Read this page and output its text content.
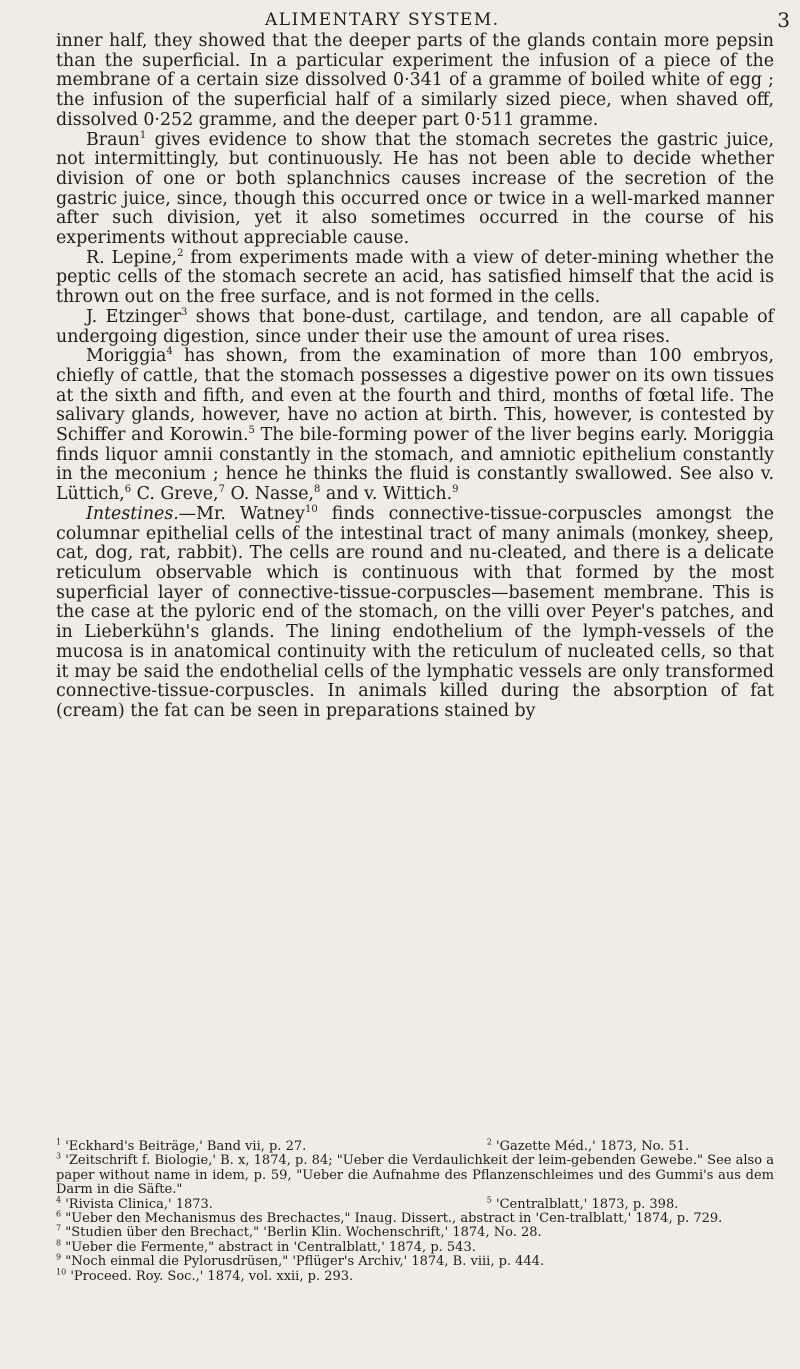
ALIMENTARY SYSTEM.	3

inner half, they showed that the deeper parts of the glands contain more pepsin than the superficial. In a particular experiment the infusion of a piece of the membrane of a certain size dissolved 0·341 of a gramme of boiled white of egg ; the infusion of the superficial half of a similarly sized piece, when shaved off, dissolved 0·252 gramme, and the deeper part 0·511 gramme.

Braun$^1$ gives evidence to show that the stomach secretes the gastric juice, not intermittingly, but continuously. He has not been able to decide whether division of one or both splanchnics causes increase of the secretion of the gastric juice, since, though this occurred once or twice in a well-marked manner after such division, yet it also sometimes occurred in the course of his experiments without appreciable cause.

R. Lepine,$^2$ from experiments made with a view of deter-mining whether the peptic cells of the stomach secrete an acid, has satisfied himself that the acid is thrown out on the free surface, and is not formed in the cells.

J. Etzinger$^3$ shows that bone-dust, cartilage, and tendon, are all capable of undergoing digestion, since under their use the amount of urea rises.

Moriggia$^4$ has shown, from the examination of more than 100 embryos, chiefly of cattle, that the stomach possesses a digestive power on its own tissues at the sixth and fifth, and even at the fourth and third, months of fœtal life. The salivary glands, however, have no action at birth. This, however, is contested by Schiffer and Korowin.$^5$ The bile-forming power of the liver begins early. Moriggia finds liquor amnii constantly in the stomach, and amniotic epithelium constantly in the meconium ; hence he thinks the fluid is constantly swallowed. See also v. Lüttich,$^6$ C. Greve,$^7$ O. Nasse,$^8$ and v. Wittich.$^9$

Intestines.—Mr. Watney$^{10}$ finds connective-tissue-corpuscles amongst the columnar epithelial cells of the intestinal tract of many animals (monkey, sheep, cat, dog, rat, rabbit). The cells are round and nu-cleated, and there is a delicate reticulum observable which is continuous with that formed by the most superficial layer of connective-tissue-corpuscles—basement membrane. This is the case at the pyloric end of the stomach, on the villi over Peyer's patches, and in Lieberkühn's glands. The lining endothelium of the lymph-vessels of the mucosa is in anatomical continuity with the reticulum of nucleated cells, so that it may be said the endothelial cells of the lymphatic vessels are only transformed connective-tissue-corpuscles. In animals killed during the absorption of fat (cream) the fat can be seen in preparations stained by

$^1$ 'Eckhard's Beiträge,' Band vii, p. 27.	$^2$ 'Gazette Méd.,' 1873, No. 51.

$^3$ 'Zeitschrift f. Biologie,' B. x, 1874, p. 84; "Ueber die Verdaulichkeit der leim-gebenden Gewebe." See also a paper without name in idem, p. 59, "Ueber die Aufnahme des Pflanzenschleimes und des Gummi's aus dem Darm in die Säfte."

$^4$ 'Rivista Clinica,' 1873.	$^5$ 'Centralblatt,' 1873, p. 398.

$^6$ "Ueber den Mechanismus des Brechactes," Inaug. Dissert., abstract in 'Cen-tralblatt,' 1874, p. 729.

$^7$ "Studien über den Brechact," 'Berlin Klin. Wochenschrift,' 1874, No. 28.

$^8$ "Ueber die Fermente," abstract in 'Centralblatt,' 1874, p. 543.

$^9$ "Noch einmal die Pylorusdrüsen," 'Pflüger's Archiv,' 1874, B. viii, p. 444.

$^{10}$ 'Proceed. Roy. Soc.,' 1874, vol. xxii, p. 293.
